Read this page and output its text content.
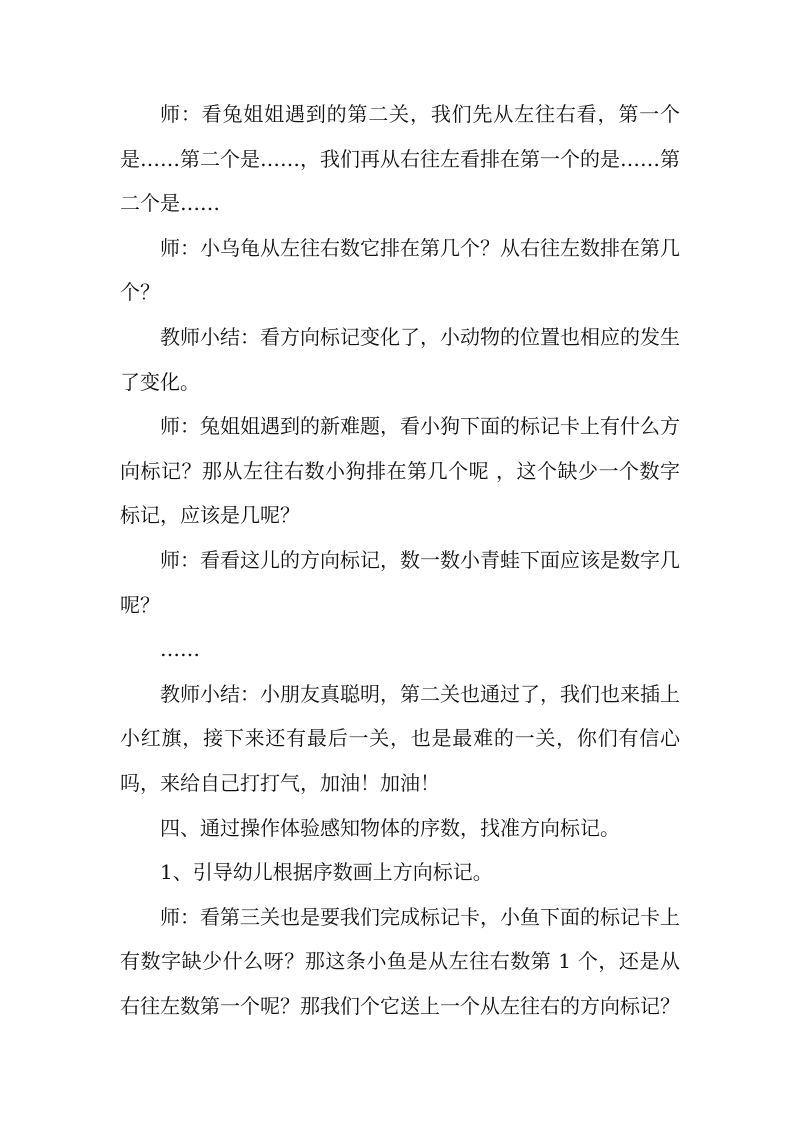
师：看兔姐姐遇到的第二关，我们先从左往右看，第一个是……第二个是……，我们再从右往左看排在第一个的是……第二个是……

师：小乌龟从左往右数它排在第几个？从右往左数排在第几个？

教师小结：看方向标记变化了，小动物的位置也相应的发生了变化。

师：兔姐姐遇到的新难题，看小狗下面的标记卡上有什么方向标记？那从左往右数小狗排在第几个呢 ，这个缺少一个数字标记，应该是几呢？

师：看看这儿的方向标记，数一数小青蛙下面应该是数字几呢？

……

教师小结：小朋友真聪明，第二关也通过了，我们也来插上小红旗，接下来还有最后一关，也是最难的一关，你们有信心吗，来给自己打打气，加油！加油！

四、通过操作体验感知物体的序数，找准方向标记。

1、引导幼儿根据序数画上方向标记。

师：看第三关也是要我们完成标记卡，小鱼下面的标记卡上有数字缺少什么呀？那这条小鱼是从左往右数第 1 个，还是从右往左数第一个呢？那我们个它送上一个从左往右的方向标记？
